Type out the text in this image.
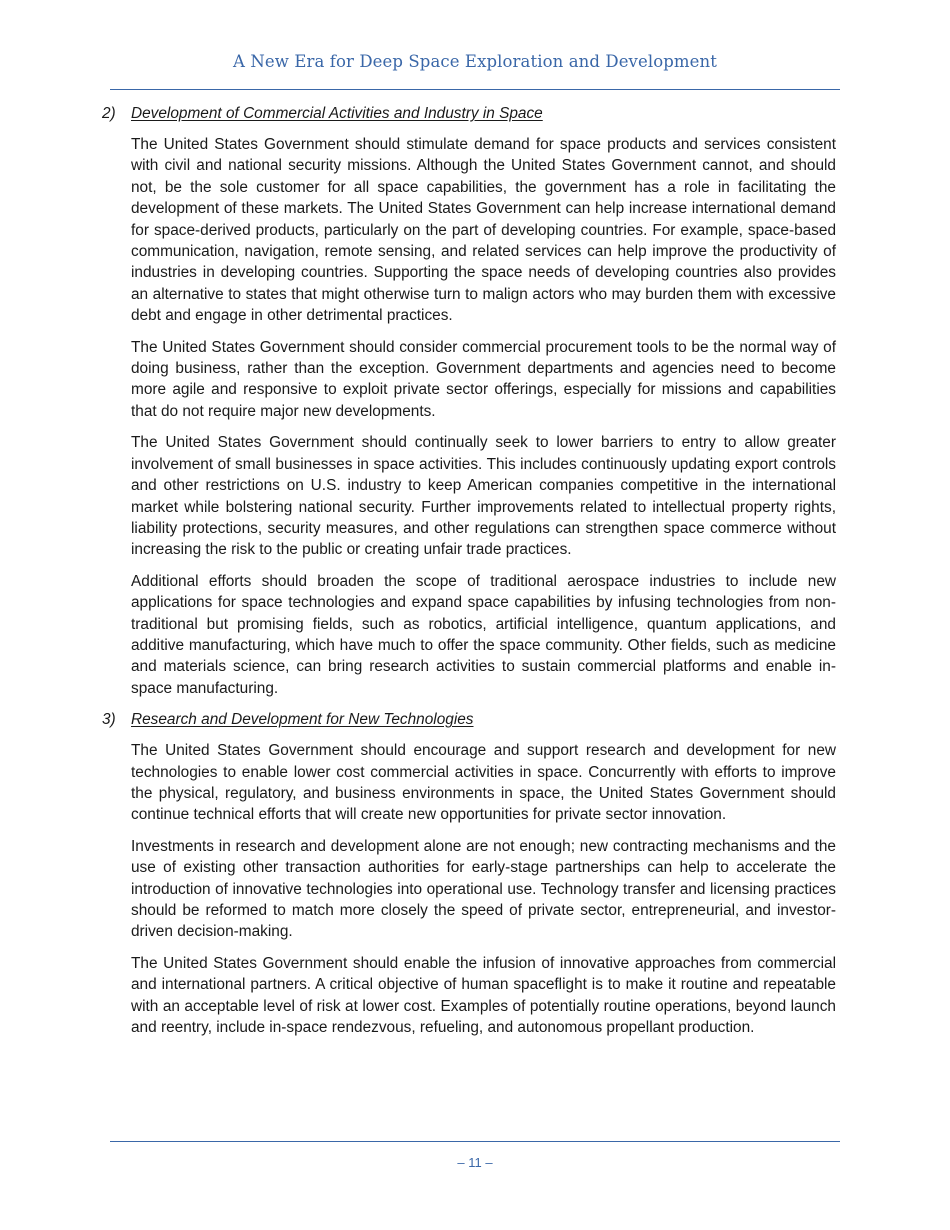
A New Era for Deep Space Exploration and Development
2) Development of Commercial Activities and Industry in Space

The United States Government should stimulate demand for space products and services consistent with civil and national security missions. Although the United States Government cannot, and should not, be the sole customer for all space capabilities, the government has a role in facilitating the development of these markets. The United States Government can help increase international demand for space-derived products, particularly on the part of developing countries. For example, space-based communication, navigation, remote sensing, and related services can help improve the productivity of industries in developing countries. Supporting the space needs of developing countries also provides an alternative to states that might otherwise turn to malign actors who may burden them with excessive debt and engage in other detrimental practices.

The United States Government should consider commercial procurement tools to be the normal way of doing business, rather than the exception. Government departments and agencies need to become more agile and responsive to exploit private sector offerings, especially for missions and capabilities that do not require major new developments.

The United States Government should continually seek to lower barriers to entry to allow greater involvement of small businesses in space activities. This includes continuously updating export controls and other restrictions on U.S. industry to keep American companies competitive in the international market while bolstering national security. Further improvements related to intellectual property rights, liability protections, security measures, and other regulations can strengthen space commerce without increasing the risk to the public or creating unfair trade practices.

Additional efforts should broaden the scope of traditional aerospace industries to include new applications for space technologies and expand space capabilities by infusing technologies from non-traditional but promising fields, such as robotics, artificial intelligence, quantum applications, and additive manufacturing, which have much to offer the space community. Other fields, such as medicine and materials science, can bring research activities to sustain commercial platforms and enable in-space manufacturing.

3) Research and Development for New Technologies

The United States Government should encourage and support research and development for new technologies to enable lower cost commercial activities in space. Concurrently with efforts to improve the physical, regulatory, and business environments in space, the United States Government should continue technical efforts that will create new opportunities for private sector innovation.

Investments in research and development alone are not enough; new contracting mechanisms and the use of existing other transaction authorities for early-stage partnerships can help to accelerate the introduction of innovative technologies into operational use. Technology transfer and licensing practices should be reformed to match more closely the speed of private sector, entrepreneurial, and investor-driven decision-making.

The United States Government should enable the infusion of innovative approaches from commercial and international partners. A critical objective of human spaceflight is to make it routine and repeatable with an acceptable level of risk at lower cost. Examples of potentially routine operations, beyond launch and reentry, include in-space rendezvous, refueling, and autonomous propellant production.

– 11 –
